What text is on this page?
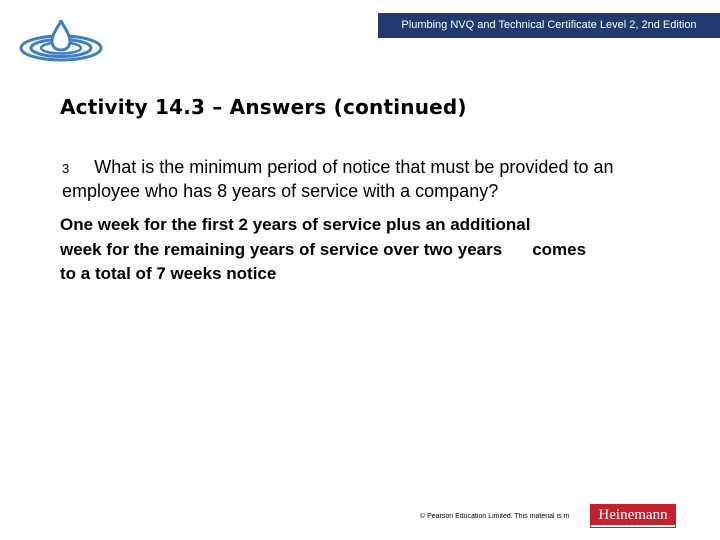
Plumbing NVQ and Technical Certificate Level 2, 2nd Edition
Activity 14.3 – Answers (continued)
3 What is the minimum period of notice that must be provided to an employee who has 8 years of service with a company?
One week for the first 2 years of service plus an additional
week for the remaining years of service over two years comes
to a total of 7 weeks notice
© Pearson Education Limited. This material is m	Heinemann
